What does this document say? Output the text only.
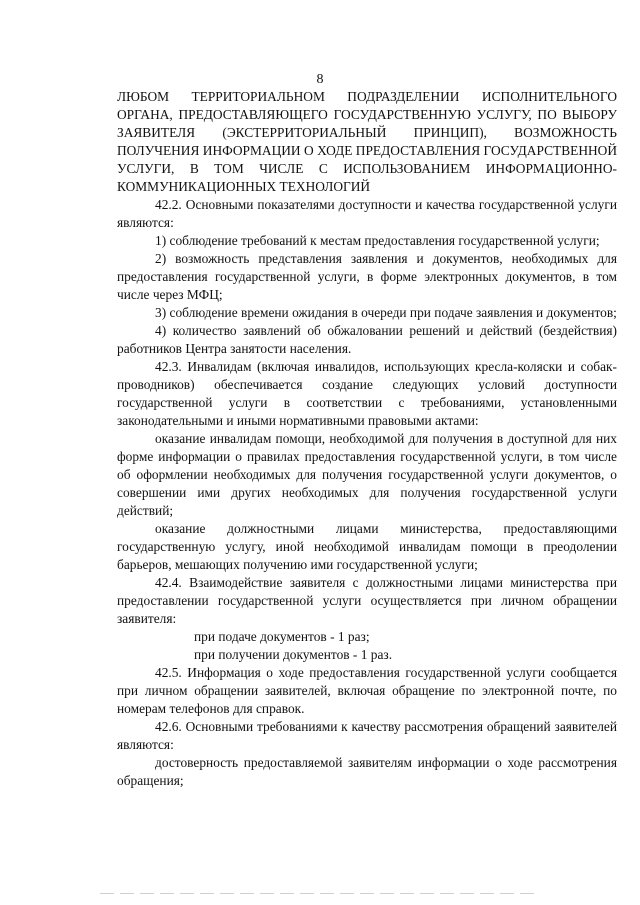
8

ЛЮБОМ ТЕРРИТОРИАЛЬНОМ ПОДРАЗДЕЛЕНИИ ИСПОЛНИТЕЛЬНОГО ОРГАНА, ПРЕДОСТАВЛЯЮЩЕГО ГОСУДАРСТВЕННУЮ УСЛУГУ, ПО ВЫБОРУ ЗАЯВИТЕЛЯ (ЭКСТЕРРИТОРИАЛЬНЫЙ ПРИНЦИП), ВОЗМОЖНОСТЬ ПОЛУЧЕНИЯ ИНФОРМАЦИИ О ХОДЕ ПРЕДОСТАВЛЕНИЯ ГОСУДАРСТВЕННОЙ УСЛУГИ, В ТОМ ЧИСЛЕ С ИСПОЛЬЗОВАНИЕМ ИНФОРМАЦИОННО-КОММУНИКАЦИОННЫХ ТЕХНОЛОГИЙ

42.2. Основными показателями доступности и качества государственной услуги являются:

1) соблюдение требований к местам предоставления государственной услуги;

2) возможность представления заявления и документов, необходимых для предоставления государственной услуги, в форме электронных документов, в том числе через МФЦ;

3) соблюдение времени ожидания в очереди при подаче заявления и документов;

4) количество заявлений об обжаловании решений и действий (бездействия) работников Центра занятости населения.

42.3. Инвалидам (включая инвалидов, использующих кресла-коляски и собак-проводников) обеспечивается создание следующих условий доступности государственной услуги в соответствии с требованиями, установленными законодательными и иными нормативными правовыми актами:

оказание инвалидам помощи, необходимой для получения в доступной для них форме информации о правилах предоставления государственной услуги, в том числе об оформлении необходимых для получения государственной услуги документов, о совершении ими других необходимых для получения государственной услуги действий;

оказание должностными лицами министерства, предоставляющими государственную услугу, иной необходимой инвалидам помощи в преодолении барьеров, мешающих получению ими государственной услуги;

42.4. Взаимодействие заявителя с должностными лицами министерства при предоставлении государственной услуги осуществляется при личном обращении заявителя:

при подаче документов - 1 раз;

при получении документов - 1 раз.

42.5. Информация о ходе предоставления государственной услуги сообщается при личном обращении заявителей, включая обращение по электронной почте, по номерам телефонов для справок.

42.6. Основными требованиями к качеству рассмотрения обращений заявителей являются:

достоверность предоставляемой заявителям информации о ходе рассмотрения обращения;
